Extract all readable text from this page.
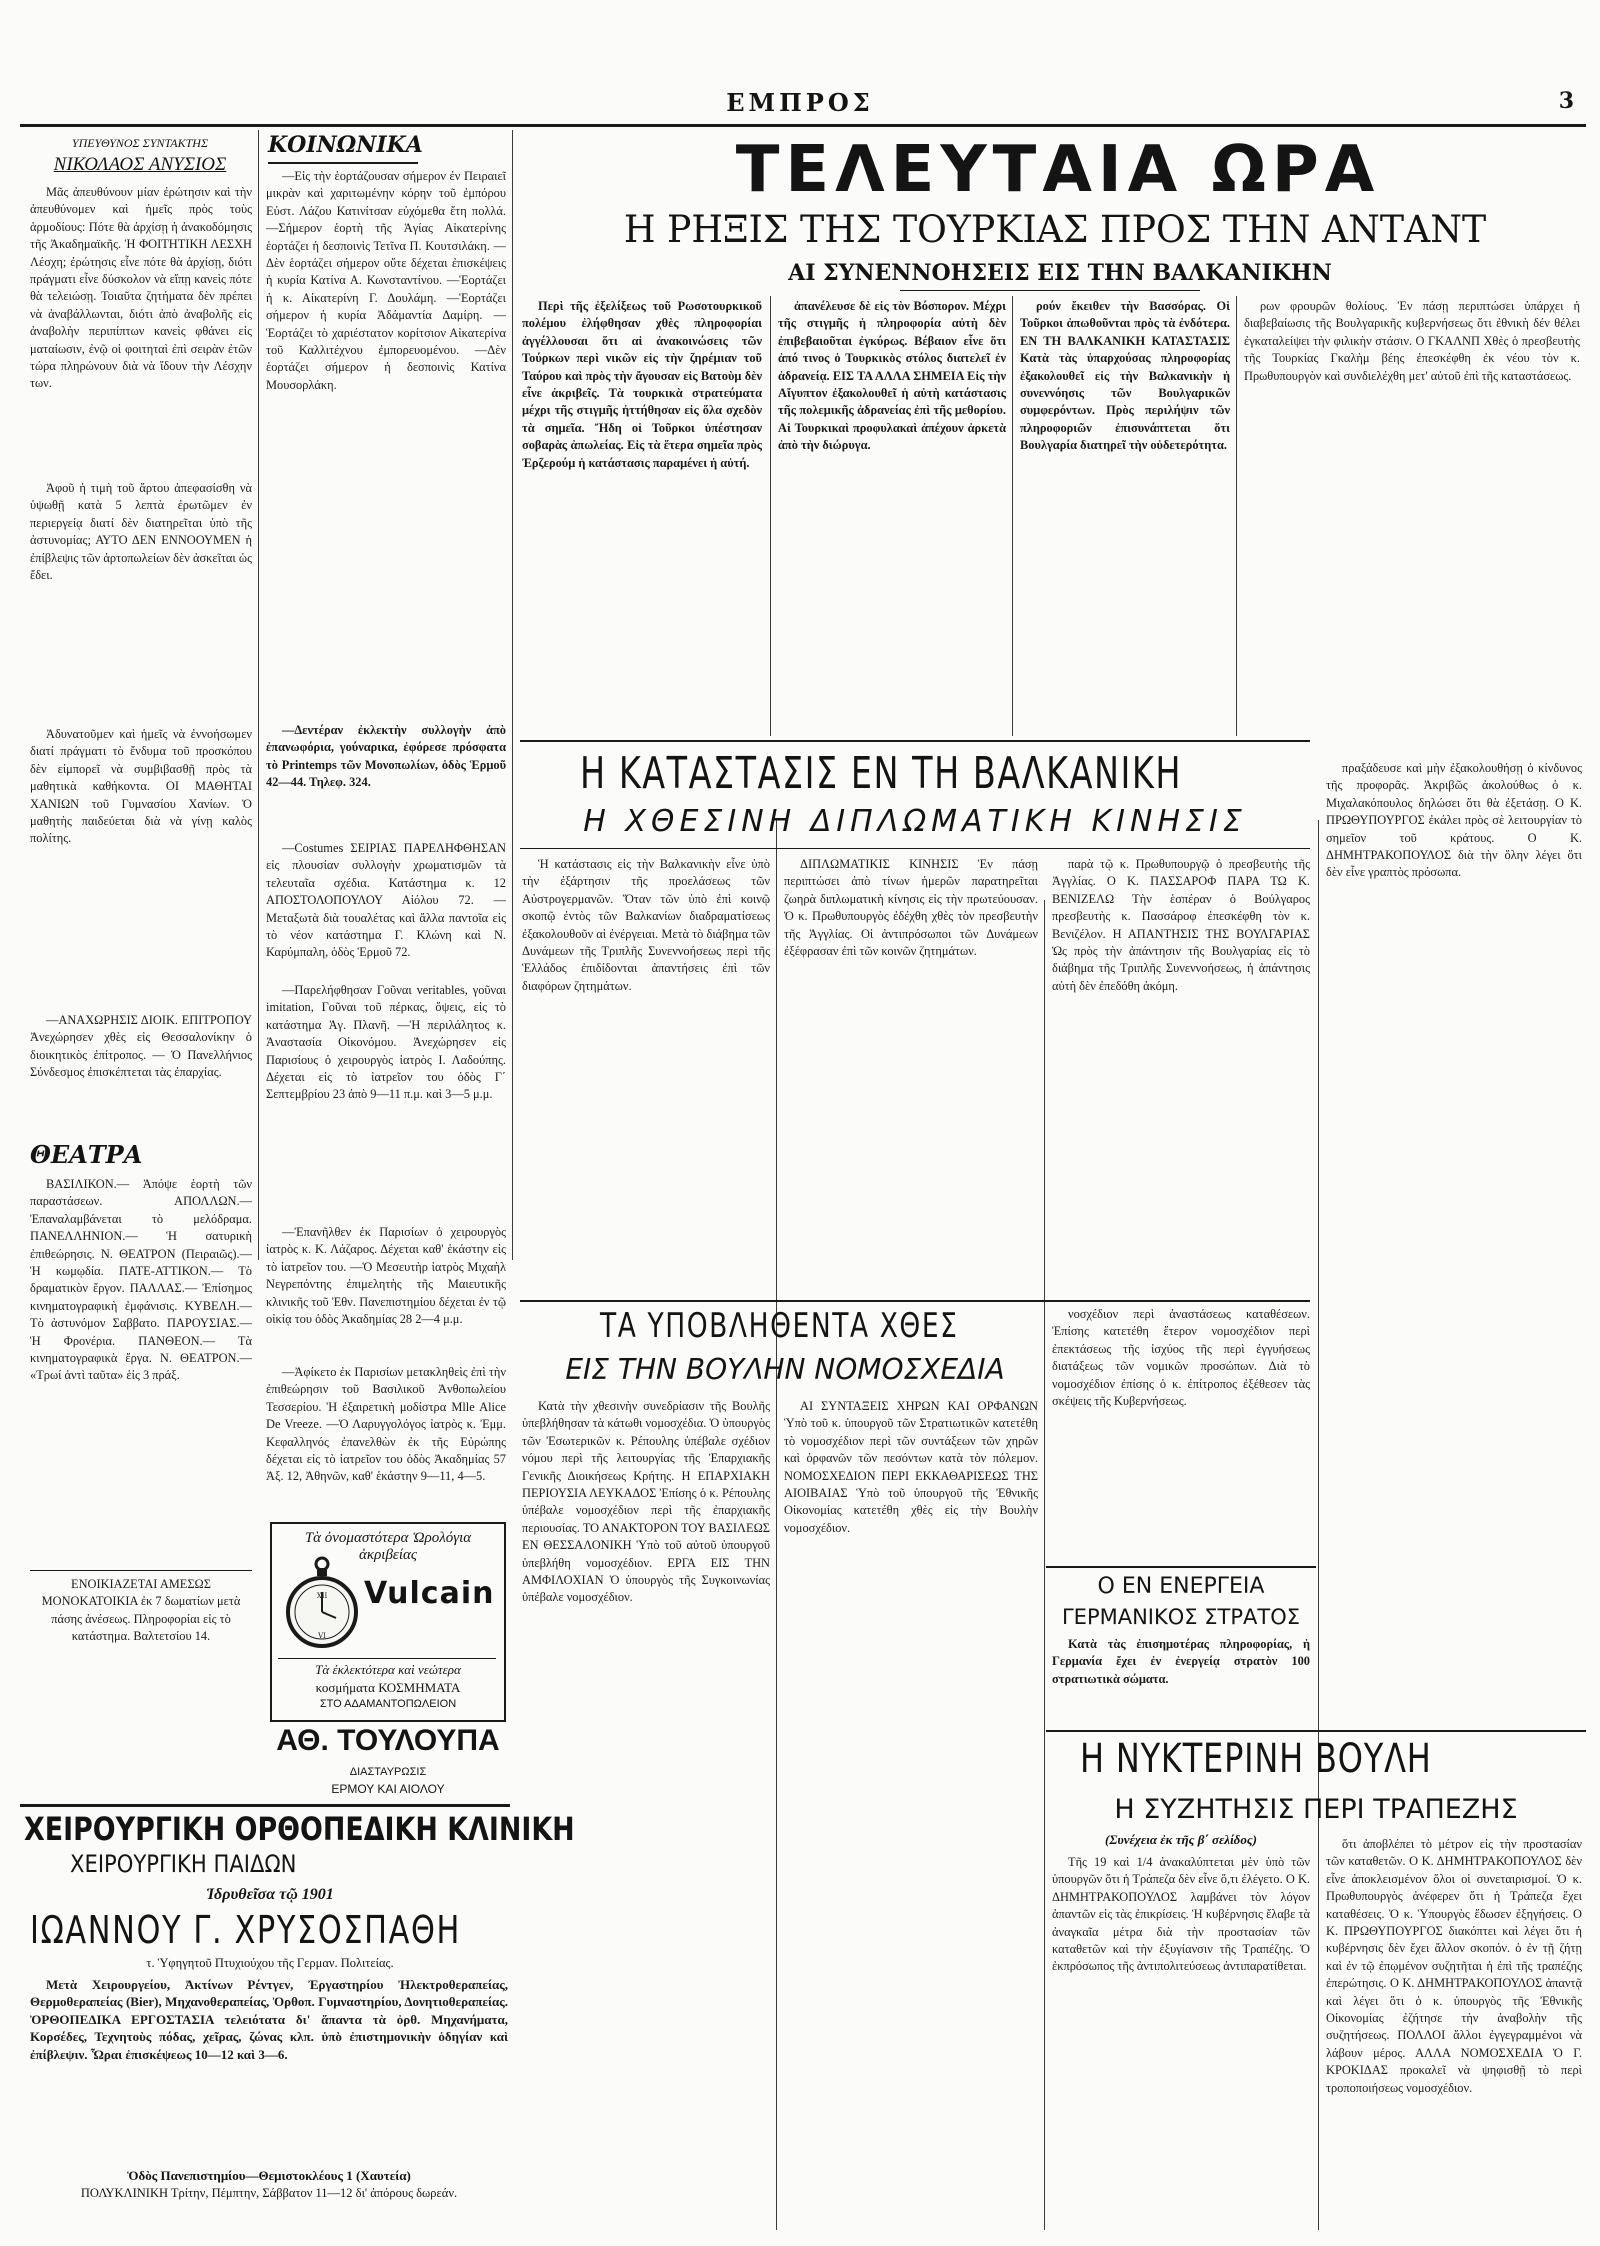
ΕΜΠΡΟΣ	3
ΥΠΕΥΘΥΝΟΣ ΣΥΝΤΑΚΤΗΣ
ΝΙΚΟΛΑΟΣ ΑΝΥΣΙΟΣ
Μᾶς ἀπευθύνουν μίαν ἐρώτησιν καὶ τὴν ἀπευθύνομεν καὶ ἡμεῖς πρὸς τοὺς ἁρμοδίους: Πότε θὰ ἀρχίσῃ ἡ ἀνακοδόμησις τῆς Ἀκαδημαϊκῆς. Ἡ ΦΟΙΤΗΤΙΚΗ ΛΕΣΧΗ Λέσχη; ἐρώτησις εἶνε πότε θὰ ἀρχίσῃ, διότι πράγματι εἶνε δύσκολον νὰ εἴπῃ κανεὶς πότε θὰ τελειώσῃ. Τοιαῦτα ζητήματα δὲν πρέπει νὰ ἀναβάλλωνται, διότι ἀπὸ ἀναβολῆς εἰς ἀναβολὴν περιπίπτων κανεὶς φθάνει εἰς ματαίωσιν, ἐνῷ οἱ φοιτηταὶ ἐπὶ σειρὰν ἐτῶν τώρα πληρώνουν διὰ νὰ ἴδουν τὴν Λέσχην των.
Ἀφοῦ ἡ τιμὴ τοῦ ἄρτου ἀπεφασίσθη νὰ ὑψωθῇ κατὰ 5 λεπτὰ ἐρωτῶμεν ἐν περιεργείᾳ διατί δὲν διατηρεῖται ὑπὸ τῆς ἀστυνομίας; ΑΥΤΟ ΔΕΝ ΕΝΝΟΟΥΜΕΝ ἡ ἐπίβλεψις τῶν ἀρτοπωλείων δὲν ἀσκεῖται ὡς ἔδει.
Ἀδυνατοῦμεν καὶ ἡμεῖς νὰ ἐννοήσωμεν διατί πράγματι τὸ ἔνδυμα τοῦ προσκόπου δὲν εἰμπορεῖ νὰ συμβιβασθῇ πρὸς τὰ μαθητικὰ καθήκοντα. ΟΙ ΜΑΘΗΤΑΙ ΧΑΝΙΩΝ τοῦ Γυμνασίου Χανίων. Ὁ μαθητὴς παιδεύεται διὰ νὰ γίνῃ καλὸς πολίτης.
—ΑΝΑΧΩΡΗΣΙΣ ΔΙΟΙΚ. ΕΠΙΤΡΟΠΟΥ Ἀνεχώρησεν χθὲς εἰς Θεσσαλονίκην ὁ διοικητικὸς ἐπίτροπος. — Ὁ Πανελλήνιος Σύνδεσμος ἐπισκέπτεται τὰς ἐπαρχίας.
ΘΕΑΤΡΑ
ΒΑΣΙΛΙΚΟΝ.— Ἀπόψε ἑορτὴ τῶν παραστάσεων. ΑΠΟΛΛΩΝ.— Ἐπαναλαμβάνεται τὸ μελόδραμα. ΠΑΝΕΛΛΗΝΙΟΝ.— Ἡ σατυρικὴ ἐπιθεώρησις. Ν. ΘΕΑΤΡΟΝ (Πειραιῶς).— Ἡ κωμῳδία. ΠΑΤΕ-ΑΤΤΙΚΟΝ.— Τὸ δραματικὸν ἔργον. ΠΑΛΛΑΣ.— Ἐπίσημος κινηματογραφικὴ ἐμφάνισις. ΚΥΒΕΛΗ.— Τὸ ἀστυνόμον Σαββατο. ΠΑΡΟΥΣΙΑΣ.— Ἡ Φρονέρια. ΠΑΝΘΕΟΝ.— Τὰ κινηματογραφικὰ ἔργα. Ν. ΘΕΑΤΡΟΝ.— «Τρωί ἀντὶ ταῦτα» ἑἰς 3 πράξ.
ΕΝΟΙΚΙΑΖΕΤΑΙ ΑΜΕΣΩΣ ΜΟΝΟΚΑΤΟΙΚΙΑ ἐκ 7 δωματίων μετὰ πάσης ἀνέσεως. Πληροφορίαι εἰς τὸ κατάστημα. Βαλτετσίου 14.
ΚΟΙΝΩΝΙΚΑ
—Εἰς τὴν ἑορτάζουσαν σήμερον ἐν Πειραιεῖ μικρὰν καὶ χαριτωμένην κόρην τοῦ ἐμπόρου Εὐστ. Λάζου Κατινίτσαν εὐχόμεθα ἔτη πολλά. —Σήμερον ἑορτὴ τῆς Ἁγίας Αἰκατερίνης ἑορτάζει ἡ δεσποινὶς Τετῖνα Π. Κουτσιλάκη. —Δὲν ἑορτάζει σήμερον οὔτε δέχεται ἐπισκέψεις ἡ κυρία Κατίνα Α. Κωνσταντίνου. —Ἑορτάζει ἡ κ. Αἰκατερίνη Γ. Δουλάμη. —Ἑορτάζει σήμερον ἡ κυρία Ἀδάμαντία Δαμίρη. —Ἑορτάζει τὸ χαριέστατον κορίτσιον Αἰκατερίνα τοῦ Καλλιτέχνου ἐμπορευομένου. —Δὲν ἑορτάζει σήμερον ἡ δεσποινὶς Κατίνα Μουσορλάκη.
—Δεντέραν ἐκλεκτὴν συλλογὴν ἀπὸ ἐπανωφόρια, γούναρικα, ἐφόρεσε πρόσφατα τὸ Printemps τῶν Μονοπωλίων, ὁδὸς Ἑρμοῦ 42—44. Τηλεφ. 324.
—Costumes ΣΕΙΡΙΑΣ ΠΑΡΕΛΗΦΘΗΣΑΝ εἰς πλουσίαν συλλογὴν χρωματισμῶν τὰ τελευταῖα σχέδια. Κατάστημα κ. 12 ΑΠΟΣΤΟΛΟΠΟΥΛΟΥ Αἰόλου 72. —Μεταξωτὰ διὰ τουαλέτας καὶ ἄλλα παντοῖα εἰς τὸ νέον κατάστημα Γ. Κλώνη καὶ Ν. Καρύμπαλη, ὁδὸς Ἑρμοῦ 72.
—Παρελήφθησαν Γοῦναι veritables, γοῦναι imitation, Γοῦναι τοῦ πέρκας, ὅψεις, εἰς τὸ κατάστημα Ἀγ. Πλανῆ. —Ἡ περιλάλητος κ. Ἀναστασία Οἰκονόμου. Ἀνεχώρησεν εἰς Παρισίους ὁ χειρουργὸς ἰατρὸς Ι. Λαδούπης. Δέχεται εἰς τὸ ἰατρεῖον του ὁδὸς Γ΄ Σεπτεμβρίου 23 ἀπὸ 9—11 π.μ. καὶ 3—5 μ.μ.
—Ἐπανῆλθεν ἐκ Παρισίων ὁ χειρουργὸς ἰατρὸς κ. Κ. Λάζαρος. Δέχεται καθ' ἑκάστην εἰς τὸ ἰατρεῖον του. —Ὁ Μεσευτὴρ ἰατρὸς Μιχαὴλ Νεγρεπόντης ἐπιμελητὴς τῆς Μαιευτικῆς κλινικῆς τοῦ Ἐθν. Πανεπιστημίου δέχεται ἐν τῷ οἰκίᾳ του ὁδὸς Ἀκαδημίας 28 2—4 μ.μ.
—Ἀφίκετο ἐκ Παρισίων μετακληθεὶς ἐπὶ τὴν ἐπιθεώρησιν τοῦ Βασιλικοῦ Ἀνθοπωλείου Τεσσερίου. Ἡ ἐξαιρετικὴ μοδίστρα Mlle Alice De Vreeze. —Ὁ Λαρυγγολόγος ἰατρὸς κ. Ἐμμ. Κεφαλληνός ἐπανελθὼν ἐκ τῆς Εὐρώπης δέχεται εἰς τὸ ἰατρεῖον του ὁδὸς Ἀκαδημίας 57 Ἀξ. 12, Ἀθηνῶν, καθ' ἑκάστην 9—11, 4—5.
Τὰ ὀνομαστότερα Ὡρολόγια ἀκριβείας
XII
VI
Vulcain
Τὰ ἐκλεκτότερα καὶ νεώτερα
κοσμήματα ΚΟΣΜΗΜΑΤΑ
ΣΤΟ ΑΔΑΜΑΝΤΟΠΩΛΕΙΟΝ
ΑΘ. ΤΟΥΛΟΥΠΑ
ΔΙΑΣΤΑΥΡΩΣΙΣ
ΕΡΜΟΥ ΚΑΙ ΑΙΟΛΟΥ
ΧΕΙΡΟΥΡΓΙΚΗ ΟΡΘΟΠΕΔΙΚΗ ΚΛΙΝΙΚΗ
ΧΕΙΡΟΥΡΓΙΚΗ ΠΑΙΔΩΝ
Ἱδρυθεῖσα τῷ 1901
ΙΩΑΝΝΟΥ Γ. ΧΡΥΣΟΣΠΑΘΗ
τ. Ὑφηγητοῦ Πτυχιούχου τῆς Γερμαν. Πολιτείας.
Μετὰ Χειρουργείου, Ἀκτίνων Ρέντγεν, Ἐργαστηρίου Ἠλεκτροθεραπείας, Θερμοθεραπείας (Bier), Μηχανοθεραπείας, Ὀρθοπ. Γυμναστηρίου, Δονητιοθεραπείας. ὈΡΘΟΠΕΔΙΚΑ ΕΡΓΟΣΤΑΣΙΑ τελειότατα δι' ἅπαντα τὰ ὀρθ. Μηχανήματα, Κορσέδες, Τεχνητοὺς πόδας, χεῖρας, ζώνας κλπ. ὑπὸ ἐπιστημονικὴν ὁδηγίαν καὶ ἐπίβλεψιν. Ὧραι ἐπισκέψεως 10—12 καὶ 3—6.
Ὁδὸς Πανεπιστημίου—Θεμιστοκλέους 1 (Χαυτεία)
ΠΟΛΥΚΛΙΝΙΚΗ Τρίτην, Πέμπτην, Σάββατον 11—12 δι' ἀπόρους δωρεάν.
ΤΕΛΕΥΤΑΙΑ ΩΡΑ
Η ΡΗΞΙΣ ΤΗΣ ΤΟΥΡΚΙΑΣ ΠΡΟΣ ΤΗΝ ΑΝΤΑΝΤ
ΑΙ ΣΥΝΕΝΝΟΗΣΕΙΣ ΕΙΣ ΤΗΝ ΒΑΛΚΑΝΙΚΗΝ
Περὶ τῆς ἐξελίξεως τοῦ Ρωσοτουρκικοῦ πολέμου ἐλήφθησαν χθὲς πληροφορίαι ἀγγέλλουσαι ὅτι αἱ ἀνακοινώσεις τῶν Τούρκων περὶ νικῶν εἰς τὴν ζηρέμιαν τοῦ Ταύρου καὶ πρὸς τὴν ἄγουσαν εἰς Βατοὺμ δὲν εἶνε ἀκριβεῖς. Τὰ τουρκικὰ στρατεύματα μέχρι τῆς στιγμῆς ἠττήθησαν εἰς ὅλα σχεδὸν τὰ σημεῖα. Ἤδη οἱ Τοῦρκοι ὑπέστησαν σοβαρὰς ἀπωλείας. Εἰς τὰ ἕτερα σημεῖα πρὸς Ἐρζερούμ ἡ κατάστασις παραμένει ἡ αὐτή.
ἀπανέλευσε δὲ εἰς τὸν Βόσπορον. Μέχρι τῆς στιγμῆς ἡ πληροφορία αὐτὴ δὲν ἐπιβεβαιοῦται ἐγκύρως. Βέβαιον εἶνε ὅτι ἀπό τινος ὁ Τουρκικὸς στόλος διατελεῖ ἐν ἀδρανείᾳ. ΕΙΣ ΤΑ ΑΛΛΑ ΣΗΜΕΙΑ Εἰς τὴν Αἴγυπτον ἐξακολουθεῖ ἡ αὐτὴ κατάστασις τῆς πολεμικῆς ἀδρανείας ἐπὶ τῆς μεθορίου. Αἱ Τουρκικαὶ προφυλακαὶ ἀπέχουν ἀρκετὰ ἀπὸ τὴν διώρυγα.
ρούν ἔκειθεν τὴν Βασσόρας. Οἱ Τοῦρκοι ἀπωθοῦνται πρὸς τὰ ἐνδότερα. ΕΝ ΤΗ ΒΑΛΚΑΝΙΚΗ ΚΑΤΑΣΤΑΣΙΣ Κατὰ τὰς ὑπαρχούσας πληροφορίας ἐξακολουθεῖ εἰς τὴν Βαλκανικὴν ἡ συνεννόησις τῶν Βουλγαρικῶν συμφερόντων. Πρὸς περιλήψιν τῶν πληροφοριῶν ἐπισυνάπτεται ὅτι Βουλγαρία διατηρεῖ τὴν οὐδετερότητα.
ρων φρουρῶν θολίους. Ἐν πάσῃ περιπτώσει ὑπάρχει ἡ διαβεβαίωσις τῆς Βουλγαρικῆς κυβερνήσεως ὅτι ἐθνικὴ δέν θέλει ἐγκαταλείψει τὴν φιλικὴν στάσιν. Ο ΓΚΑΛΝΠ Χθὲς ὁ πρεσβευτὴς τῆς Τουρκίας Γκαλὴμ βέης ἐπεσκέφθη ἐκ νέου τὸν κ. Πρωθυπουργὸν καὶ συνδιελέχθη μετ' αὐτοῦ ἐπὶ τῆς καταστάσεως.
Η ΚΑΤΑΣΤΑΣΙΣ ΕΝ ΤΗ ΒΑΛΚΑΝΙΚΗ
Η ΧΘΕΣΙΝΗ ΔΙΠΛΩΜΑΤΙΚΗ ΚΙΝΗΣΙΣ
Ἡ κατάστασις εἰς τὴν Βαλκανικὴν εἶνε ὑπὸ τὴν ἐξάρτησιν τῆς προελάσεως τῶν Αὐστρογερμανῶν. Ὅταν τῶν ὑπὸ ἐπὶ κοινῷ σκοπῷ ἐντὸς τῶν Βαλκανίων διαδραματίσεως ἐξακολουθοῦν αἱ ἐνέργειαι. Μετὰ τὸ διάβημα τῶν Δυνάμεων τῆς Τριπλῆς Συνεννοήσεως περὶ τῆς Ἑλλάδος ἐπιδίδονται ἀπαντήσεις ἐπὶ τῶν διαφόρων ζητημάτων.
ΔΙΠΛΩΜΑΤΙΚΙΣ ΚΙΝΗΣΙΣ Ἐν πάσῃ περιπτώσει ἀπὸ τίνων ἡμερῶν παρατηρεῖται ζωηρὰ διπλωματικὴ κίνησις εἰς τὴν πρωτεύουσαν. Ὁ κ. Πρωθυπουργὸς ἐδέχθη χθὲς τὸν πρεσβευτὴν τῆς Ἀγγλίας. Οἱ ἀντιπρόσωποι τῶν Δυνάμεων ἐξέφρασαν ἐπὶ τῶν κοινῶν ζητημάτων.
παρὰ τῷ κ. Πρωθυπουργῷ ὁ πρεσβευτὴς τῆς Ἀγγλίας. Ο Κ. ΠΑΣΣΑΡΟΦ ΠΑΡΑ ΤΩ Κ. ΒΕΝΙΖΕΛΩ Τὴν ἑσπέραν ὁ Βούλγαρος πρεσβευτὴς κ. Πασσάροφ ἐπεσκέφθη τὸν κ. Βενιζέλον. Η ΑΠΑΝΤΗΣΙΣ ΤΗΣ ΒΟΥΛΓΑΡΙΑΣ Ὡς πρὸς τὴν ἀπάντησιν τῆς Βουλγαρίας εἰς τὸ διάβημα τῆς Τριπλῆς Συνεννοήσεως, ἡ ἀπάντησις αὐτὴ δὲν ἐπεδόθη ἀκόμη.
πραξάδευσε καὶ μὴν ἐξακολουθήσῃ ὁ κίνδυνος τῆς προφορᾶς. Ἀκριβῶς ἀκολούθως ὁ κ. Μιχαλακόπουλος δηλώσει ὅτι θὰ ἐξετάσῃ. Ο Κ. ΠΡΩΘΥΠΟΥΡΓΟΣ ἐκάλει πρὸς σὲ λειτουργίαν τὸ σημεῖον τοῦ κράτους. Ο Κ. ΔΗΜΗΤΡΑΚΟΠΟΥΛΟΣ διὰ τὴν ὅλην λέγει ὅτι δὲν εἶνε γραπτὸς πρόσωπα.
ΤΑ ΥΠΟΒΛΗΘΕΝΤΑ ΧΘΕΣ
ΕΙΣ ΤΗΝ ΒΟΥΛΗΝ ΝΟΜΟΣΧΕΔΙΑ
Κατὰ τὴν χθεσινὴν συνεδρίασιν τῆς Βουλῆς ὑπεβλήθησαν τὰ κάτωθι νομοσχέδια. Ὁ ὑπουργὸς τῶν Ἐσωτερικῶν κ. Ρέπουλης ὑπέβαλε σχέδιον νόμου περὶ τῆς λειτουργίας τῆς Ἐπαρχιακῆς Γενικῆς Διοικήσεως Κρήτης. Η ΕΠΑΡΧΙΑΚΗ ΠΕΡΙΟΥΣΙΑ ΛΕΥΚΑΔΟΣ Ἐπίσης ὁ κ. Ρέπουλης ὑπέβαλε νομοσχέδιον περὶ τῆς ἐπαρχιακῆς περιουσίας. ΤΟ ΑΝΑΚΤΟΡΟΝ ΤΟΥ ΒΑΣΙΛΕΩΣ ΕΝ ΘΕΣΣΑΛΟΝΙΚΗ Ὑπὸ τοῦ αὐτοῦ ὑπουργοῦ ὑπεβλήθη νομοσχέδιον. ΕΡΓΑ ΕΙΣ ΤΗΝ ΑΜΦΙΛΟΧΙΑΝ Ὁ ὑπουργὸς τῆς Συγκοινωνίας ὑπέβαλε νομοσχέδιον.
ΑΙ ΣΥΝΤΑΞΕΙΣ ΧΗΡΩΝ ΚΑΙ ΟΡΦΑΝΩΝ Ὑπὸ τοῦ κ. ὑπουργοῦ τῶν Στρατιωτικῶν κατετέθη τὸ νομοσχέδιον περὶ τῶν συντάξεων τῶν χηρῶν καὶ ὀρφανῶν τῶν πεσόντων κατὰ τὸν πόλεμον. ΝΟΜΟΣΧΕΔΙΟΝ ΠΕΡΙ ΕΚΚΑΘΑΡΙΣΕΩΣ ΤΗΣ ΑΙΟΙΒΑΙΑΣ Ὑπὸ τοῦ ὑπουργοῦ τῆς Ἐθνικῆς Οἰκονομίας κατετέθη χθὲς εἰς τὴν Βουλὴν νομοσχέδιον.
νοσχέδιον περὶ ἀναστάσεως καταθέσεων. Ἐπίσης κατετέθη ἕτερον νομοσχέδιον περὶ ἐπεκτάσεως τῆς ἰσχύος τῆς περὶ ἐγγυήσεως διατάξεως τῶν νομικῶν προσώπων. Διὰ τὸ νομοσχέδιον ἐπίσης ὁ κ. ἐπίτροπος ἐξέθεσεν τὰς σκέψεις τῆς Κυβερνήσεως.
Ο ΕΝ ΕΝΕΡΓΕΙΑ
ΓΕΡΜΑΝΙΚΟΣ ΣΤΡΑΤΟΣ
Κατὰ τὰς ἐπισημοτέρας πληροφορίας, ἡ Γερμανία ἔχει ἐν ἐνεργείᾳ στρατὸν 100 στρατιωτικὰ σώματα.
Η ΝΥΚΤΕΡΙΝΗ ΒΟΥΛΗ
Η ΣΥΖΗΤΗΣΙΣ ΠΕΡΙ ΤΡΑΠΕΖΗΣ
(Συνέχεια ἐκ τῆς β΄ σελίδος)
Τῆς 19 καὶ 1/4 ἀνακαλύπτεται μὲν ὑπὸ τῶν ὑπουργῶν ὅτι ἡ Τράπεζα δὲν εἶνε ὅ,τι ἐλέγετο. Ο Κ. ΔΗΜΗΤΡΑΚΟΠΟΥΛΟΣ λαμβάνει τὸν λόγον ἀπαντῶν εἰς τὰς ἐπικρίσεις. Ἡ κυβέρνησις ἔλαβε τὰ ἀναγκαῖα μέτρα διὰ τὴν προστασίαν τῶν καταθετῶν καὶ τὴν ἐξυγίανσιν τῆς Τραπέζης. Ὁ ἐκπρόσωπος τῆς ἀντιπολιτεύσεως ἀντιπαρατίθεται.
ὅτι ἀποβλέπει τὸ μέτρον εἰς τὴν προστασίαν τῶν καταθετῶν. Ο Κ. ΔΗΜΗΤΡΑΚΟΠΟΥΛΟΣ δὲν εἶνε ἀποκλεισμένον ὅλοι οἱ συνεταιρισμοί. Ὁ κ. Πρωθυπουργὸς ἀνέφερεν ὅτι ἡ Τράπεζα ἔχει καταθέσεις. Ὁ κ. Ὑπουργὸς ἔδωσεν ἐξηγήσεις. Ο Κ. ΠΡΩΘΥΠΟΥΡΓΟΣ διακόπτει καὶ λέγει ὅτι ἡ κυβέρνησις δὲν ἔχει ἄλλον σκοπόν. ὁ ἐν τῇ ζήτῃ καὶ ἐν τῷ ἐπῳμένον συζητῆται ἡ ἐπὶ τῆς τραπέζης ἐπερώτησις. Ο Κ. ΔΗΜΗΤΡΑΚΟΠΟΥΛΟΣ ἀπαντᾷ καὶ λέγει ὅτι ὁ κ. ὑπουργὸς τῆς Ἐθνικῆς Οἰκονομίας ἐζήτησε τὴν ἀναβολὴν τῆς συζητήσεως. ΠΟΛΛΟΙ ἄλλοι ἐγγεγραμμένοι νὰ λάβουν μέρος. ΑΛΛΑ ΝΟΜΟΣΧΕΔΙΑ Ὁ Γ. ΚΡΟΚΙΔΑΣ προκαλεῖ νὰ ψηφισθῇ τὸ περὶ τροποποιήσεως νομοσχέδιον.
